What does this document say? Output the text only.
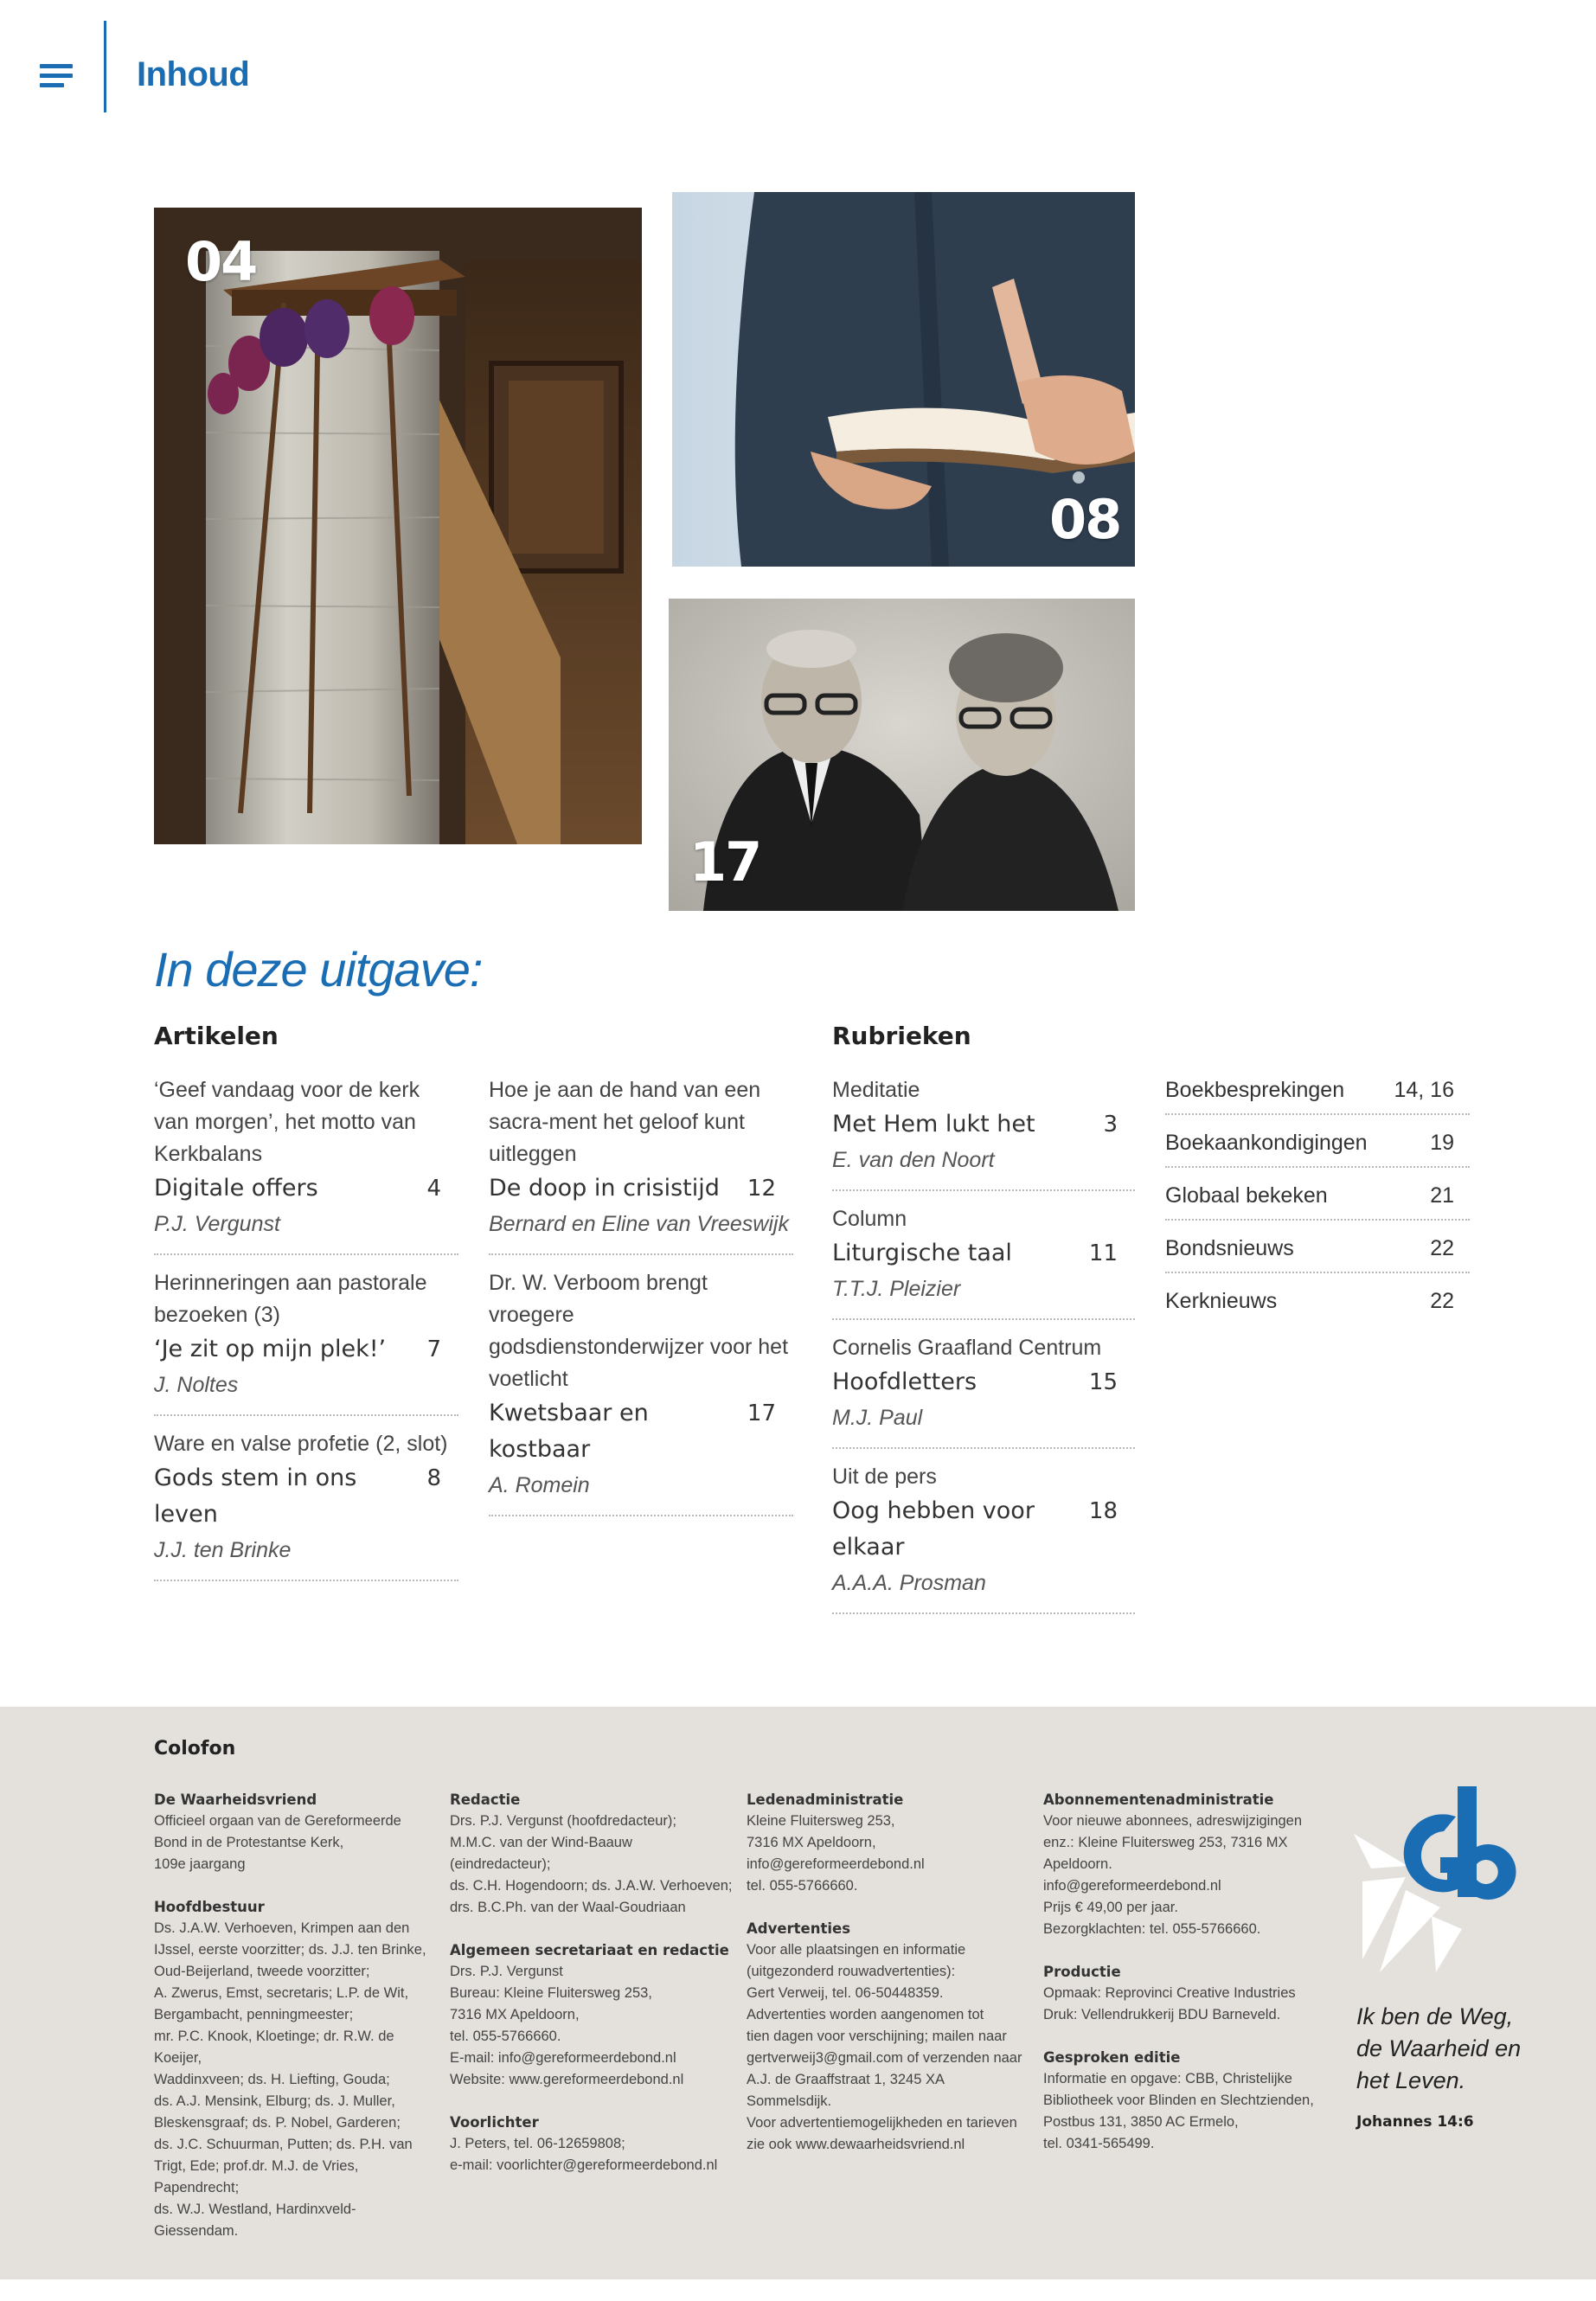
Inhoud
04
08
17
In deze uitgave:
Artikelen
‘Geef vandaag voor de kerk van morgen’, het motto van Kerkbalans
Digitale offers	4
P.J. Vergunst
Herinneringen aan pastorale bezoeken (3)
‘Je zit op mijn plek!’ 7
J. Noltes
Ware en valse profetie (2, slot)
Gods stem in ons leven
8
J.J. ten Brinke
Hoe je aan de hand van een sacra-ment het geloof kunt uitleggen
De doop in crisistijd 12
Bernard en Eline van Vreeswijk
Dr. W. Verboom brengt vroegere godsdienstonderwijzer voor het voetlicht
Kwetsbaar en kostbaar
17
A. Romein
Rubrieken
Meditatie
Met Hem lukt het	3
E. van den Noort
Column
Liturgische taal	11
T.T.J. Pleizier
Cornelis Graafland Centrum
Hoofdletters	15
M.J. Paul
Uit de pers
Oog hebben voor elkaar
18
A.A.A. Prosman
Boekbesprekingen 14, 16
Boekaankondigingen	19
Globaal bekeken	21
Bondsnieuws	22
Kerknieuws	22
Colofon
De Waarheidsvriend
Officieel orgaan van de Gereformeerde
Bond in de Protestantse Kerk,
109e jaargang
Hoofdbestuur
Ds. J.A.W. Verhoeven, Krimpen aan den
IJssel, eerste voorzitter; ds. J.J. ten Brinke,
Oud-Beijerland, tweede voorzitter;
A. Zwerus, Emst, secretaris; L.P. de Wit,
Bergambacht, penningmeester;
mr. P.C. Knook, Kloetinge; dr. R.W. de Koeijer,
Waddinxveen; ds. H. Liefting, Gouda;
ds. A.J. Mensink, Elburg; ds. J. Muller,
Bleskensgraaf; ds. P. Nobel, Garderen;
ds. J.C. Schuurman, Putten; ds. P.H. van
Trigt, Ede; prof.dr. M.J. de Vries, Papendrecht;
ds. W.J. Westland, Hardinxveld-Giessendam.
Redactie
Drs. P.J. Vergunst (hoofdredacteur);
M.M.C. van der Wind-Baauw (eindredacteur);
ds. C.H. Hogendoorn; ds. J.A.W. Verhoeven;
drs. B.C.Ph. van der Waal-Goudriaan
Algemeen secretariaat en redactie
Drs. P.J. Vergunst
Bureau: Kleine Fluitersweg 253,
7316 MX Apeldoorn,
tel. 055-5766660.
E-mail: info@gereformeerdebond.nl
Website: www.gereformeerdebond.nl
Voorlichter
J. Peters, tel. 06-12659808;
e-mail: voorlichter@gereformeerdebond.nl
Ledenadministratie
Kleine Fluitersweg 253,
7316 MX Apeldoorn,
info@gereformeerdebond.nl
tel. 055-5766660.
Advertenties
Voor alle plaatsingen en informatie
(uitgezonderd rouwadvertenties):
Gert Verweij, tel. 06-50448359.
Advertenties worden aangenomen tot
tien dagen voor verschijning; mailen naar
gertverweij3@gmail.com of verzenden naar
A.J. de Graaffstraat 1, 3245 XA Sommelsdijk.
Voor advertentiemogelijkheden en tarieven
zie ook www.dewaarheidsvriend.nl
Abonnementenadministratie
Voor nieuwe abonnees, adreswijzigingen
enz.: Kleine Fluitersweg 253, 7316 MX
Apeldoorn.
info@gereformeerdebond.nl
Prijs € 49,00 per jaar.
Bezorgklachten: tel. 055-5766660.
Productie
Opmaak: Reprovinci Creative Industries
Druk: Vellendrukkerij BDU Barneveld.
Gesproken editie
Informatie en opgave: CBB, Christelijke
Bibliotheek voor Blinden en Slechtzienden,
Postbus 131, 3850 AC Ermelo,
tel. 0341-565499.
Ik ben de Weg,
de Waarheid en
het Leven.
Johannes 14:6
